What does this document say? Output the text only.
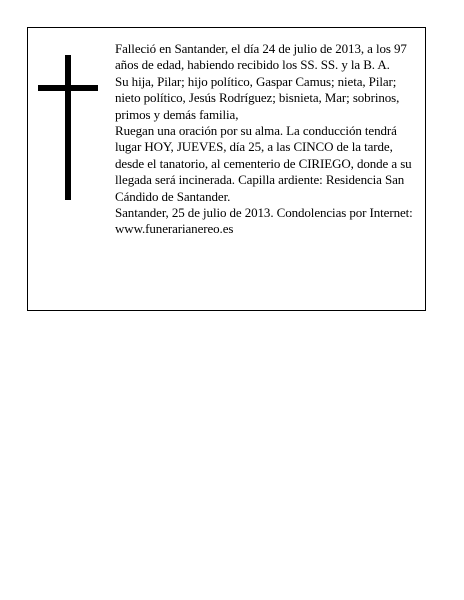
Falleció en Santander, el día 24 de julio de 2013, a los 97 años de edad, habiendo recibido los SS. SS. y la B. A.

Su hija, Pilar; hijo político, Gaspar Camus; nieta, Pilar; nieto político, Jesús Rodríguez; bisnieta, Mar; sobrinos, primos y demás familia,

Ruegan una oración por su alma. La conducción tendrá lugar HOY, JUEVES, día 25, a las CINCO de la tarde, desde el tanatorio, al cementerio de CIRIEGO, donde a su llegada será incinerada. Capilla ardiente: Residencia San Cándido de Santander.

Santander, 25 de julio de 2013. Condolencias por Internet: www.funerarianereo.es
